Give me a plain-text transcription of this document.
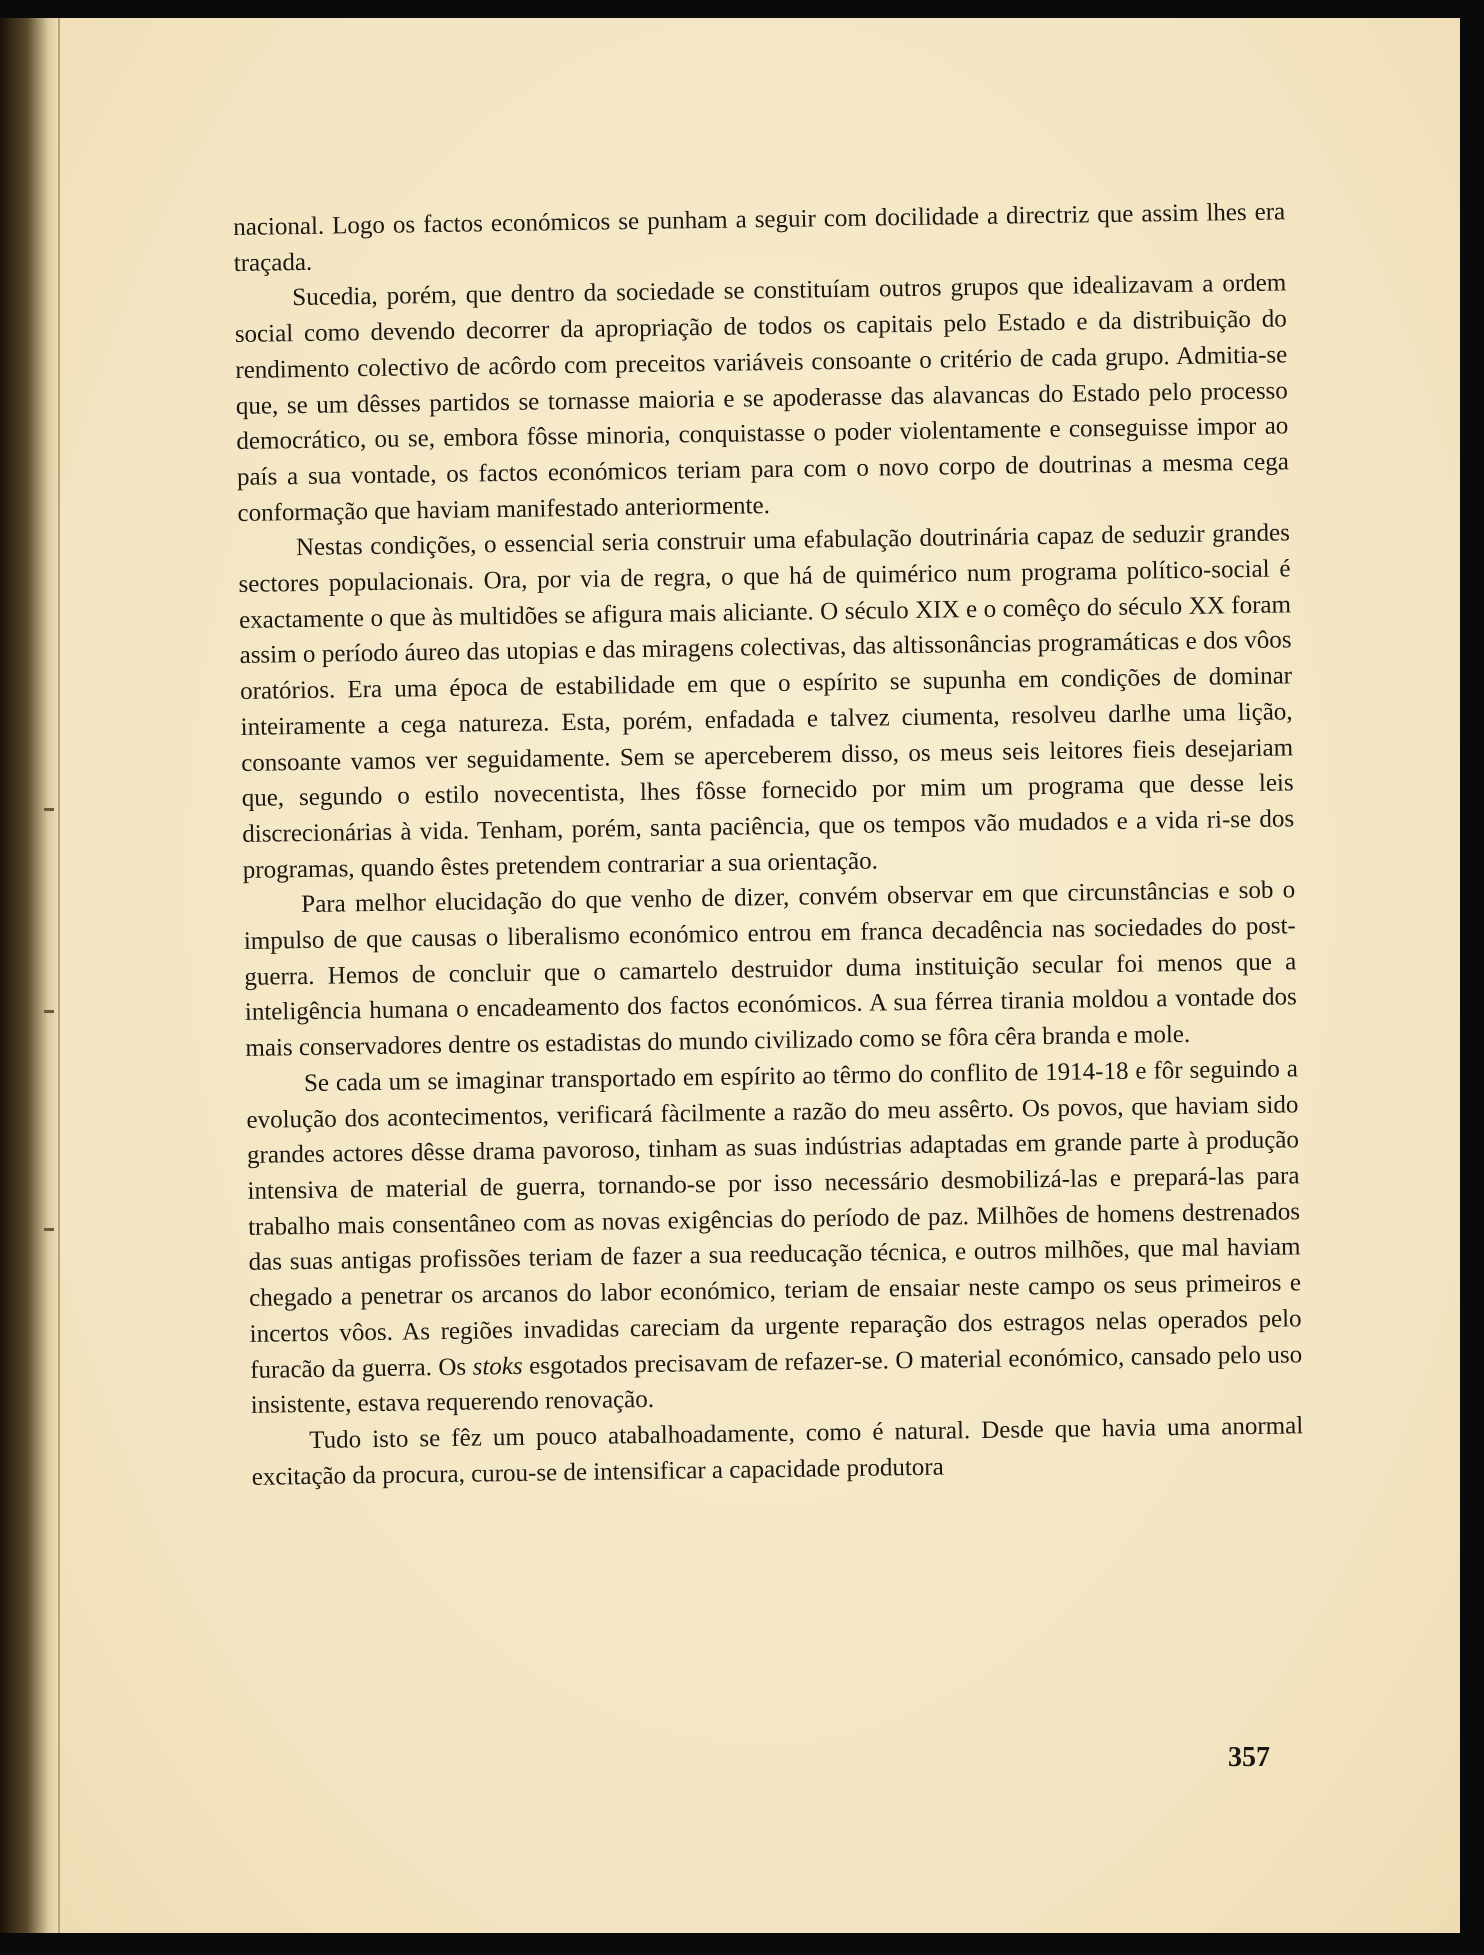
nacional. Logo os factos económicos se punham a seguir com docilidade a directriz que assim lhes era traçada.

Sucedia, porém, que dentro da sociedade se constituíam outros grupos que idealizavam a ordem social como devendo decorrer da apropriação de todos os capitais pelo Estado e da distribuição do rendimento colectivo de acôrdo com preceitos variáveis consoante o critério de cada grupo. Admitia-se que, se um dêsses partidos se tornasse maioria e se apoderasse das alavancas do Estado pelo processo democrático, ou se, embora fôsse minoria, conquistasse o poder violentamente e conseguisse impor ao país a sua vontade, os factos económicos teriam para com o novo corpo de doutrinas a mesma cega conformação que haviam manifestado anteriormente.

Nestas condições, o essencial seria construir uma efabulação doutrinária capaz de seduzir grandes sectores populacionais. Ora, por via de regra, o que há de quimérico num programa político-social é exactamente o que às multidões se afigura mais aliciante. O século XIX e o comêço do século XX foram assim o período áureo das utopias e das miragens colectivas, das altissonâncias programáticas e dos vôos oratórios. Era uma época de estabilidade em que o espírito se supunha em condições de dominar inteiramente a cega natureza. Esta, porém, enfadada e talvez ciumenta, resolveu darlhe uma lição, consoante vamos ver seguidamente. Sem se aperceberem disso, os meus seis leitores fieis desejariam que, segundo o estilo novecentista, lhes fôsse fornecido por mim um programa que desse leis discrecionárias à vida. Tenham, porém, santa paciência, que os tempos vão mudados e a vida ri-se dos programas, quando êstes pretendem contrariar a sua orientação.

Para melhor elucidação do que venho de dizer, convém observar em que circunstâncias e sob o impulso de que causas o liberalismo económico entrou em franca decadência nas sociedades do post-guerra. Hemos de concluir que o camartelo destruidor duma instituição secular foi menos que a inteligência humana o encadeamento dos factos económicos. A sua férrea tirania moldou a vontade dos mais conservadores dentre os estadistas do mundo civilizado como se fôra cêra branda e mole.

Se cada um se imaginar transportado em espírito ao têrmo do conflito de 1914-18 e fôr seguindo a evolução dos acontecimentos, verificará fàcilmente a razão do meu assêrto. Os povos, que haviam sido grandes actores dêsse drama pavoroso, tinham as suas indústrias adaptadas em grande parte à produção intensiva de material de guerra, tornando-se por isso necessário desmobilizá-las e prepará-las para trabalho mais consentâneo com as novas exigências do período de paz. Milhões de homens destrenados das suas antigas profissões teriam de fazer a sua reeducação técnica, e outros milhões, que mal haviam chegado a penetrar os arcanos do labor económico, teriam de ensaiar neste campo os seus primeiros e incertos vôos. As regiões invadidas careciam da urgente reparação dos estragos nelas operados pelo furacão da guerra. Os stoks esgotados precisavam de refazer-se. O material económico, cansado pelo uso insistente, estava requerendo renovação.

Tudo isto se fêz um pouco atabalhoadamente, como é natural. Desde que havia uma anormal excitação da procura, curou-se de intensificar a capacidade produtora

357
